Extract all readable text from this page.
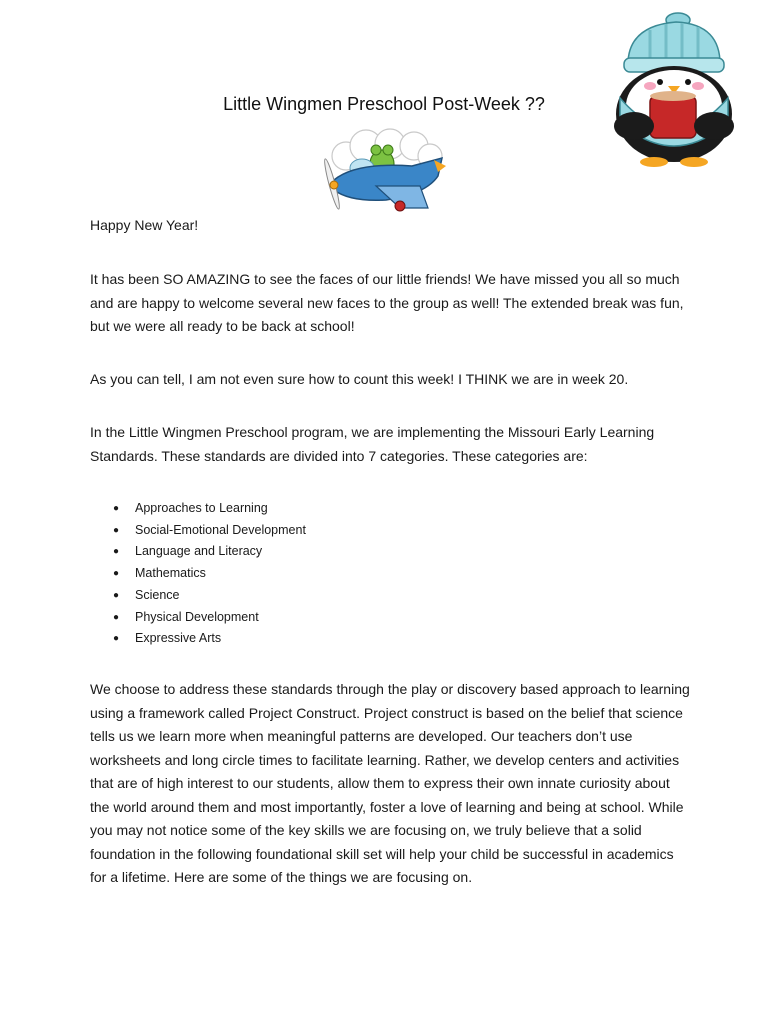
Little Wingmen Preschool Post-Week ??

Happy New Year!

It has been SO AMAZING to see the faces of our little friends! We have missed you all so much and are happy to welcome several new faces to the group as well! The extended break was fun, but we were all ready to be back at school!

As you can tell, I am not even sure how to count this week! I THINK we are in week 20.

In the Little Wingmen Preschool program, we are implementing the Missouri Early Learning Standards. These standards are divided into 7 categories. These categories are:

● Approaches to Learning
● Social-Emotional Development
● Language and Literacy
● Mathematics
● Science
● Physical Development
● Expressive Arts

We choose to address these standards through the play or discovery based approach to learning using a framework called Project Construct. Project construct is based on the belief that science tells us we learn more when meaningful patterns are developed. Our teachers don’t use worksheets and long circle times to facilitate learning. Rather, we develop centers and activities that are of high interest to our students, allow them to express their own innate curiosity about the world around them and most importantly, foster a love of learning and being at school. While you may not notice some of the key skills we are focusing on, we truly believe that a solid foundation in the following foundational skill set will help your child be successful in academics for a lifetime. Here are some of the things we are focusing on.
